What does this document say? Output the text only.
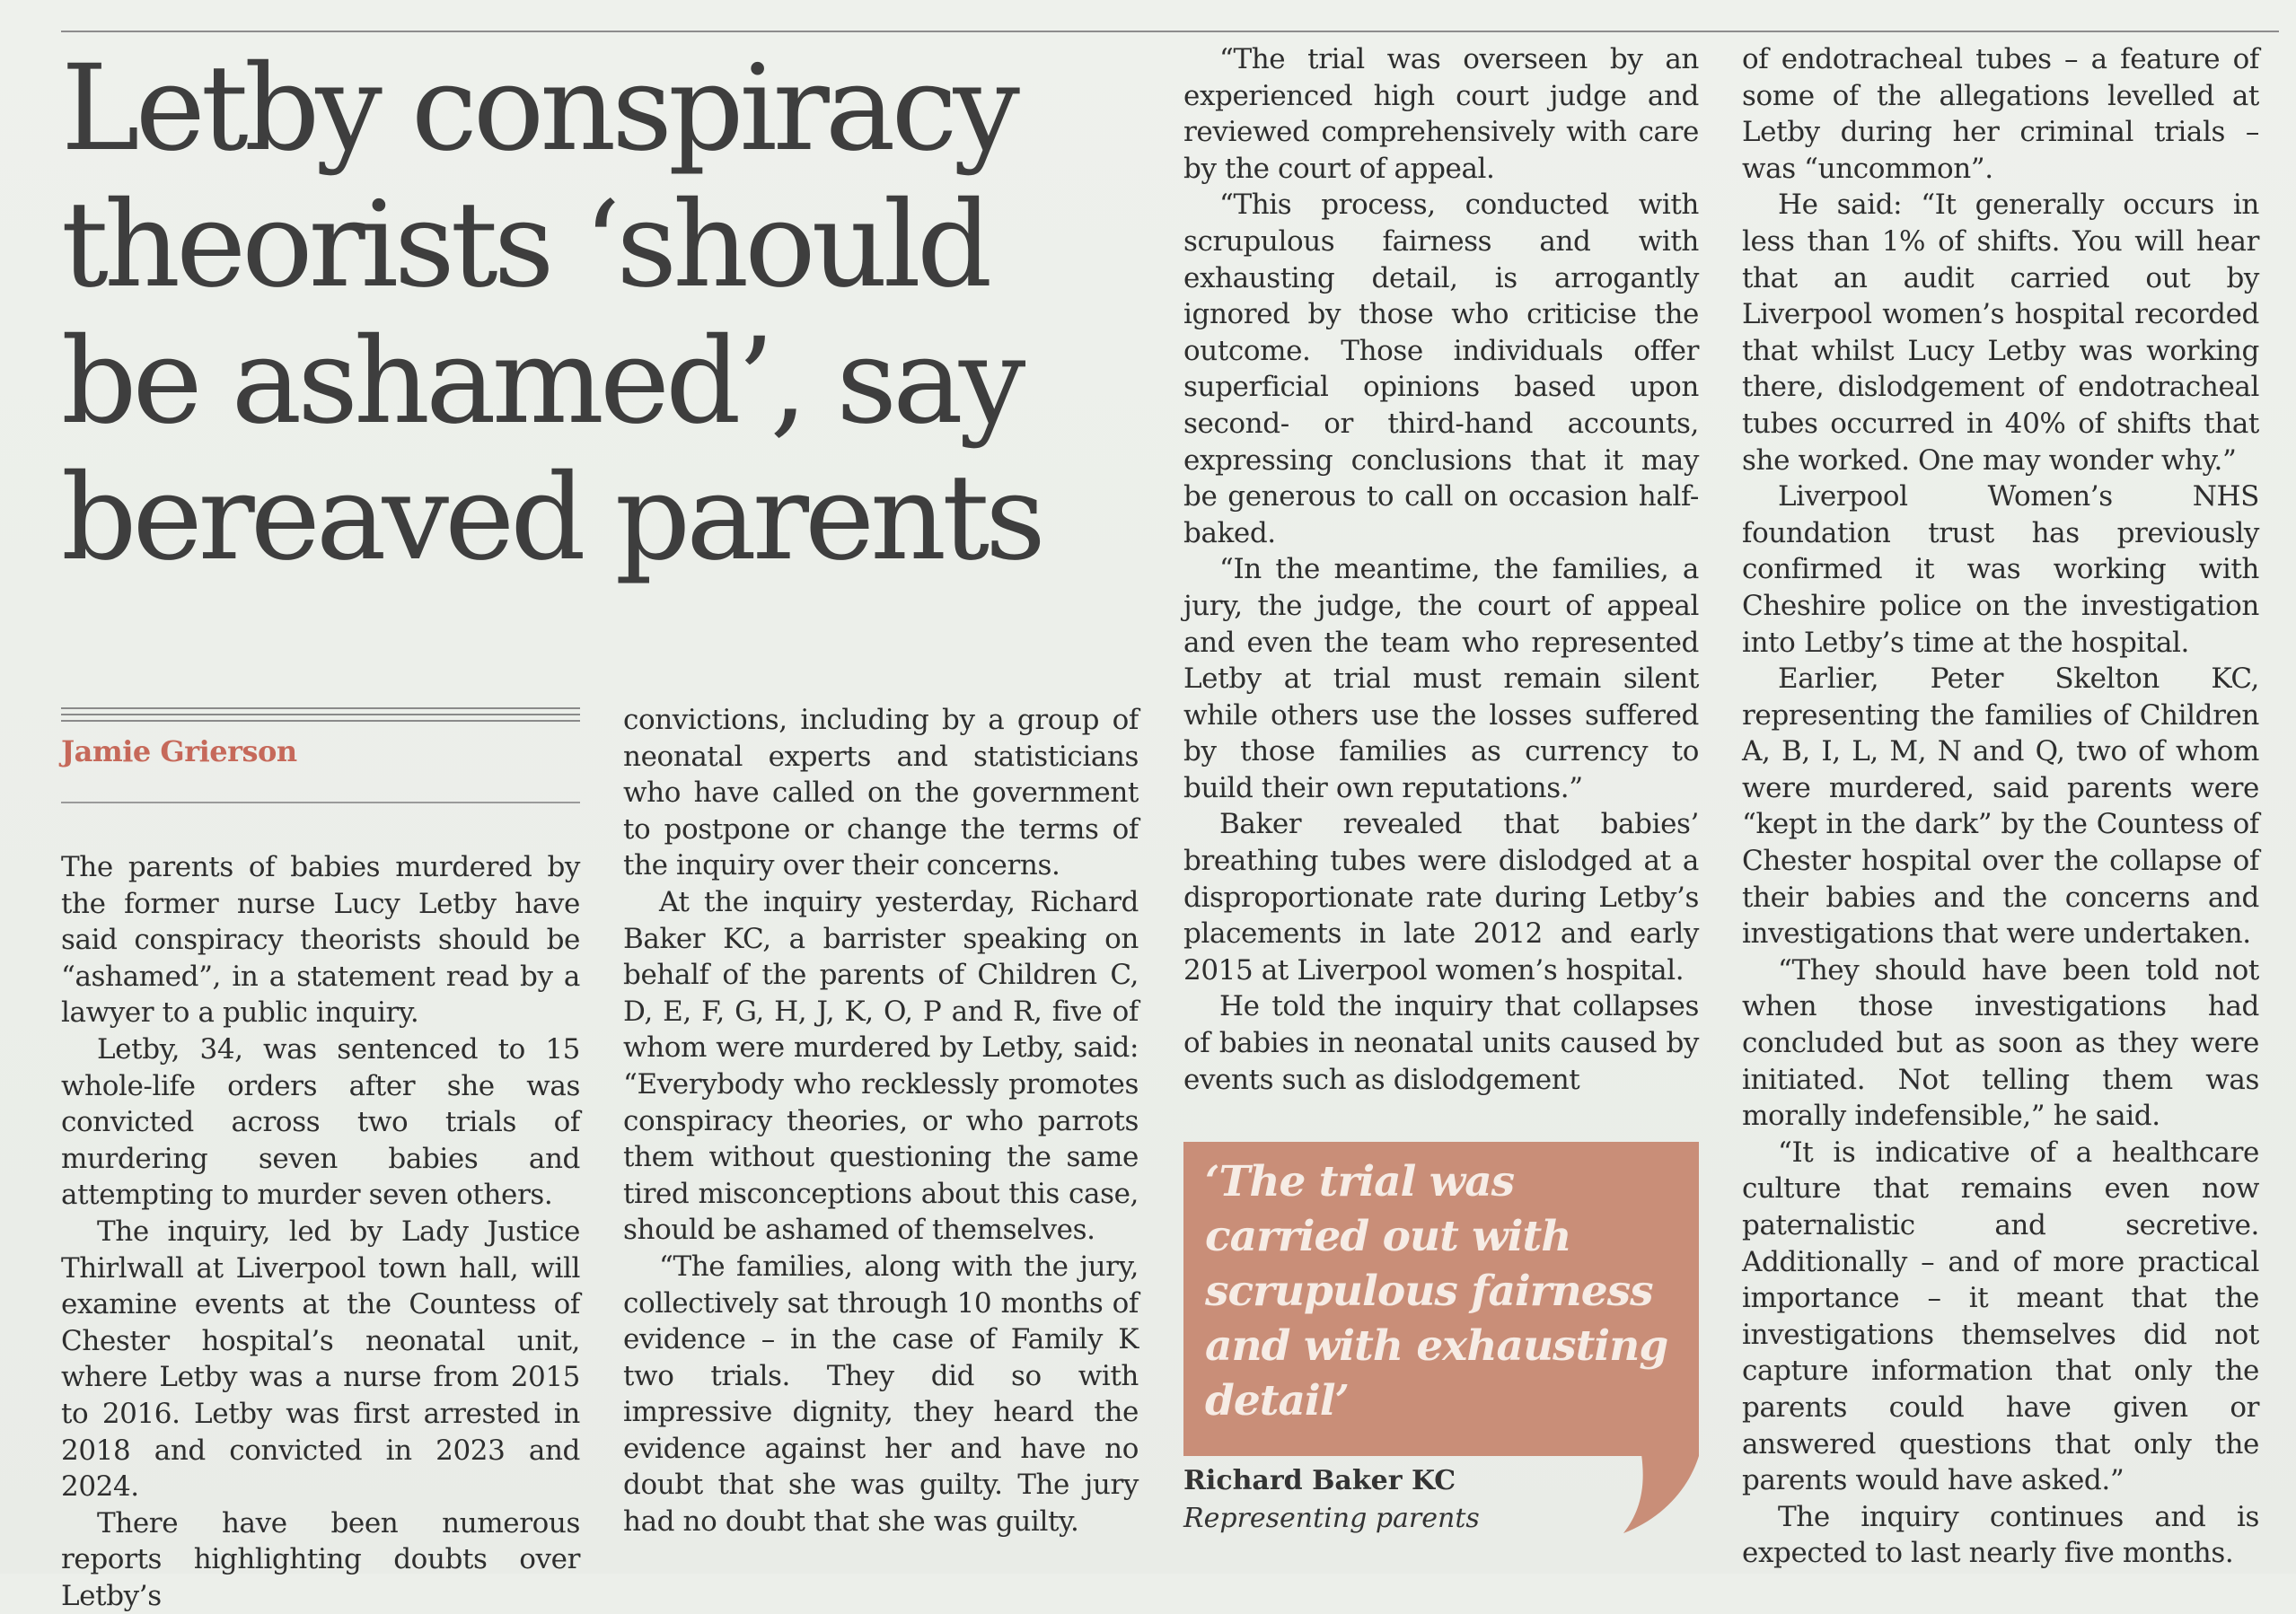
Letby conspiracy theorists ‘should be ashamed’, say bereaved parents

Jamie Grierson

The parents of babies murdered by the former nurse Lucy Letby have said conspiracy theorists should be “ashamed”, in a statement read by a lawyer to a public inquiry.

Letby, 34, was sentenced to 15 whole-life orders after she was convicted across two trials of murdering seven babies and attempting to murder seven others.

The inquiry, led by Lady Justice Thirlwall at Liverpool town hall, will examine events at the Countess of Chester hospital’s neonatal unit, where Letby was a nurse from 2015 to 2016. Letby was first arrested in 2018 and convicted in 2023 and 2024.

There have been numerous reports highlighting doubts over Letby’s

convictions, including by a group of neonatal experts and statisticians who have called on the government to postpone or change the terms of the inquiry over their concerns.

At the inquiry yesterday, Richard Baker KC, a barrister speaking on behalf of the parents of Children C, D, E, F, G, H, J, K, O, P and R, five of whom were murdered by Letby, said: “Everybody who recklessly promotes conspiracy theories, or who parrots them without questioning the same tired misconceptions about this case, should be ashamed of themselves.

“The families, along with the jury, collectively sat through 10 months of evidence – in the case of Family K two trials. They did so with impressive dignity, they heard the evidence against her and have no doubt that she was guilty. The jury had no doubt that she was guilty.

“The trial was overseen by an experienced high court judge and reviewed comprehensively with care by the court of appeal.

“This process, conducted with scrupulous fairness and with exhausting detail, is arrogantly ignored by those who criticise the outcome. Those individuals offer superficial opinions based upon second- or third-hand accounts, expressing conclusions that it may be generous to call on occasion half-baked.

“In the meantime, the families, a jury, the judge, the court of appeal and even the team who represented Letby at trial must remain silent while others use the losses suffered by those families as currency to build their own reputations.”

Baker revealed that babies’ breathing tubes were dislodged at a disproportionate rate during Letby’s placements in late 2012 and early 2015 at Liverpool women’s hospital.

He told the inquiry that collapses of babies in neonatal units caused by events such as dislodgement

‘The trial was carried out with scrupulous fairness and with exhausting detail’

Richard Baker KC

Representing parents

of endotracheal tubes – a feature of some of the allegations levelled at Letby during her criminal trials – was “uncommon”.

He said: “It generally occurs in less than 1% of shifts. You will hear that an audit carried out by Liverpool women’s hospital recorded that whilst Lucy Letby was working there, dislodgement of endotracheal tubes occurred in 40% of shifts that she worked. One may wonder why.”

Liverpool Women’s NHS foundation trust has previously confirmed it was working with Cheshire police on the investigation into Letby’s time at the hospital.

Earlier, Peter Skelton KC, representing the families of Children A, B, I, L, M, N and Q, two of whom were murdered, said parents were “kept in the dark” by the Countess of Chester hospital over the collapse of their babies and the concerns and investigations that were undertaken.

“They should have been told not when those investigations had concluded but as soon as they were initiated. Not telling them was morally indefensible,” he said.

“It is indicative of a healthcare culture that remains even now paternalistic and secretive. Additionally – and of more practical importance – it meant that the investigations themselves did not capture information that only the parents could have given or answered questions that only the parents would have asked.”

The inquiry continues and is expected to last nearly five months.
